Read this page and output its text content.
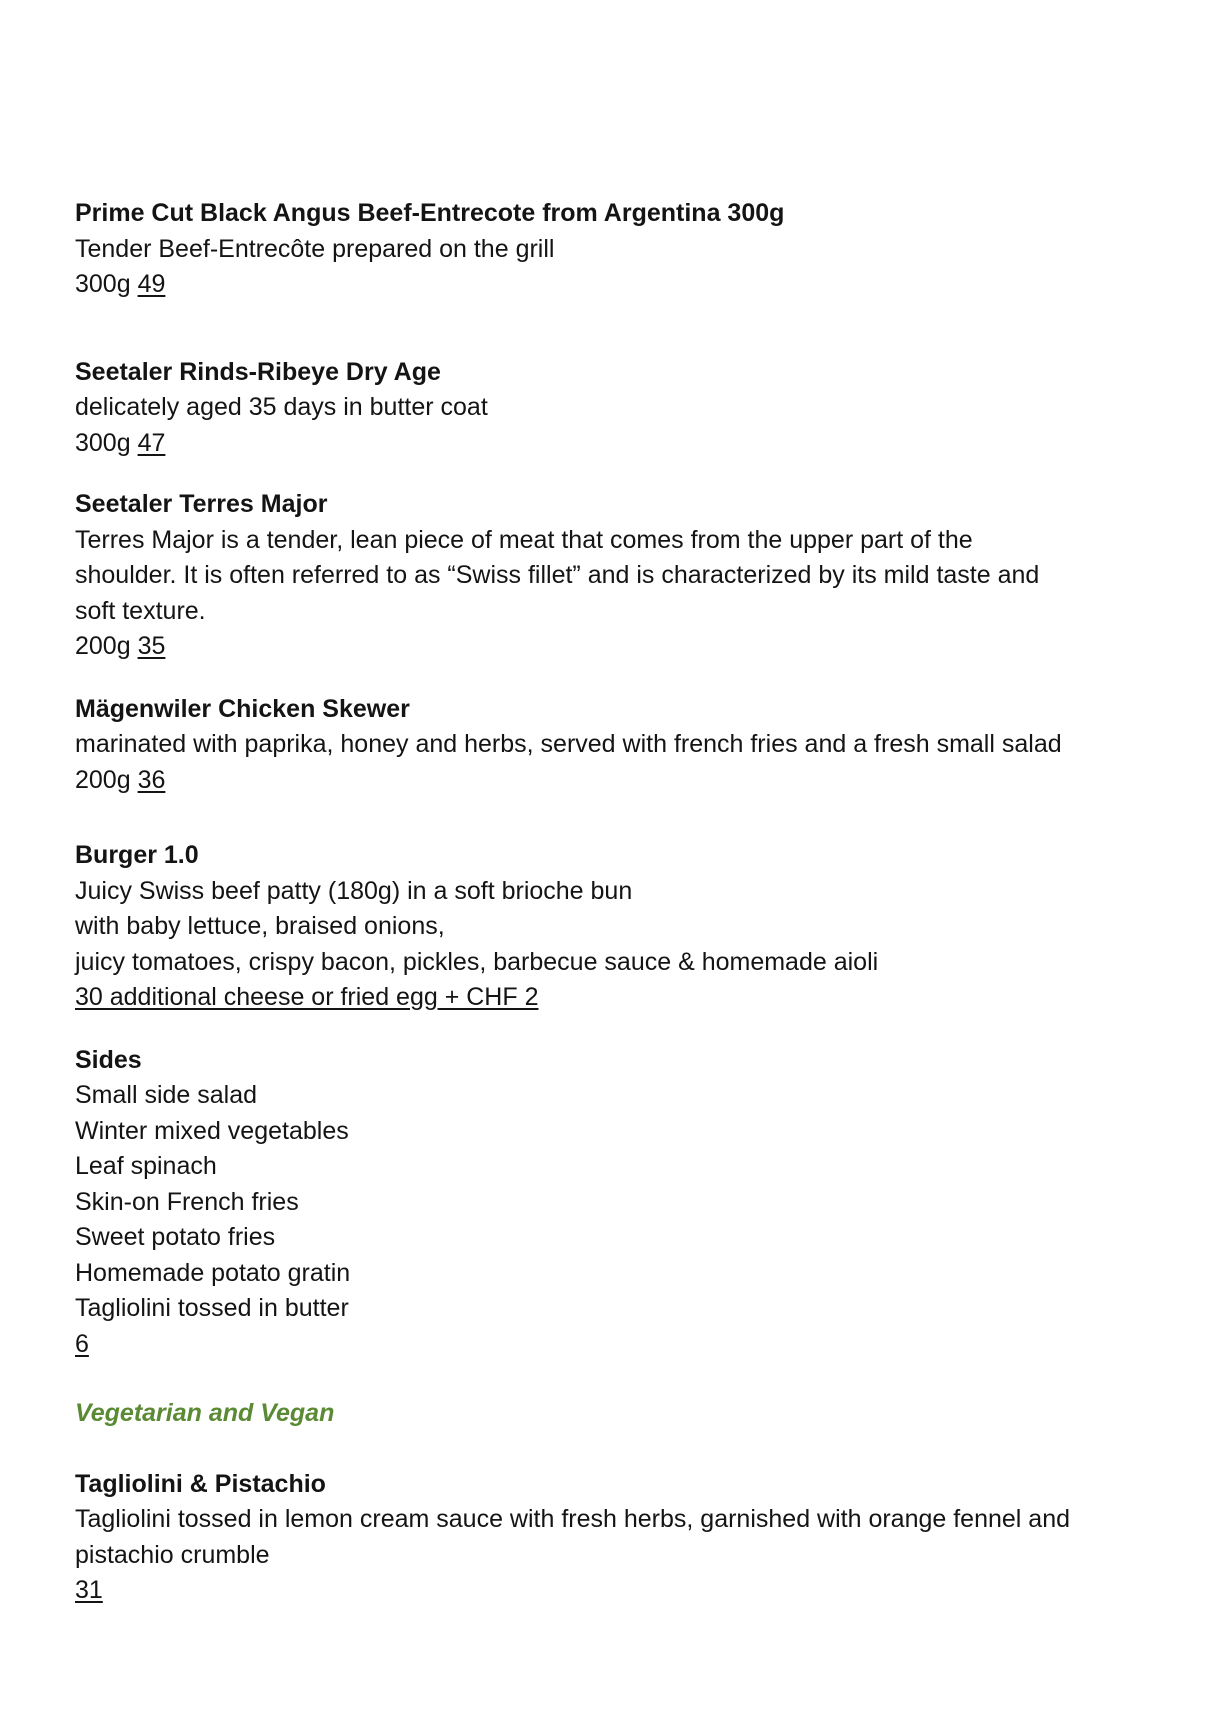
Prime Cut Black Angus Beef-Entrecote from Argentina 300g
Tender Beef-Entrecôte prepared on the grill
300g 49
Seetaler Rinds-Ribeye Dry Age
delicately aged 35 days in butter coat
300g 47
Seetaler Terres Major
Terres Major is a tender, lean piece of meat that comes from the upper part of the
shoulder. It is often referred to as “Swiss fillet” and is characterized by its mild taste and
soft texture.
200g 35
Mägenwiler Chicken Skewer
marinated with paprika, honey and herbs, served with french fries and a fresh small salad
200g 36
Burger 1.0
Juicy Swiss beef patty (180g) in a soft brioche bun
with baby lettuce, braised onions,
juicy tomatoes, crispy bacon, pickles, barbecue sauce & homemade aioli
30 additional cheese or fried egg + CHF 2
Sides
Small side salad
Winter mixed vegetables
Leaf spinach
Skin-on French fries
Sweet potato fries
Homemade potato gratin
Tagliolini tossed in butter
6
Vegetarian and Vegan
Tagliolini & Pistachio
Tagliolini tossed in lemon cream sauce with fresh herbs, garnished with orange fennel and
pistachio crumble
31
